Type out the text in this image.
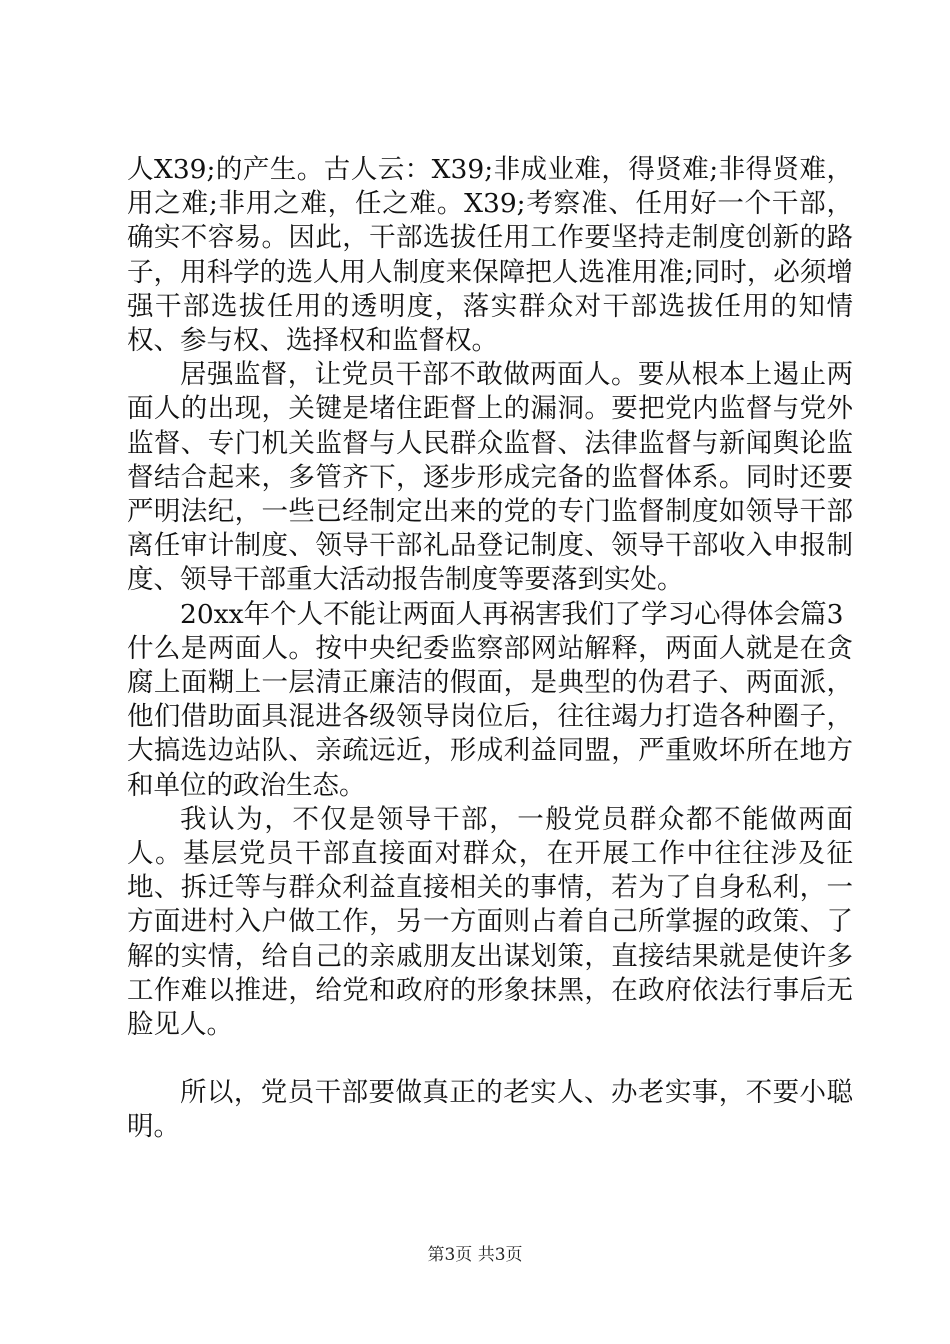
人X39;的产生。古人云：X39;非成业难，得贤难;非得贤难，用之难;非用之难，任之难。X39;考察准、任用好一个干部，确实不容易。因此，干部选拔任用工作要坚持走制度创新的路子，用科学的选人用人制度来保障把人选准用准;同时，必须增强干部选拔任用的透明度，落实群众对干部选拔任用的知情权、参与权、选择权和监督权。

居强监督，让党员干部不敢做两面人。要从根本上遏止两面人的出现，关键是堵住距督上的漏洞。要把党内监督与党外监督、专门机关监督与人民群众监督、法律监督与新闻舆论监督结合起来，多管齐下，逐步形成完备的监督体系。同时还要严明法纪，一些已经制定出来的党的专门监督制度如领导干部离任审计制度、领导干部礼品登记制度、领导干部收入申报制度、领导干部重大活动报告制度等要落到实处。

20xx年个人不能让两面人再祸害我们了学习心得体会篇3

什么是两面人。按中央纪委监察部网站解释，两面人就是在贪腐上面糊上一层清正廉洁的假面，是典型的伪君子、两面派，他们借助面具混进各级领导岗位后，往往竭力打造各种圈子，大搞选边站队、亲疏远近，形成利益同盟，严重败坏所在地方和单位的政治生态。

我认为，不仅是领导干部，一般党员群众都不能做两面人。基层党员干部直接面对群众，在开展工作中往往涉及征地、拆迁等与群众利益直接相关的事情，若为了自身私利，一方面进村入户做工作，另一方面则占着自己所掌握的政策、了解的实情，给自己的亲戚朋友出谋划策，直接结果就是使许多工作难以推进，给党和政府的形象抹黑，在政府依法行事后无脸见人。

所以，党员干部要做真正的老实人、办老实事，不要小聪明。

第3页 共3页
